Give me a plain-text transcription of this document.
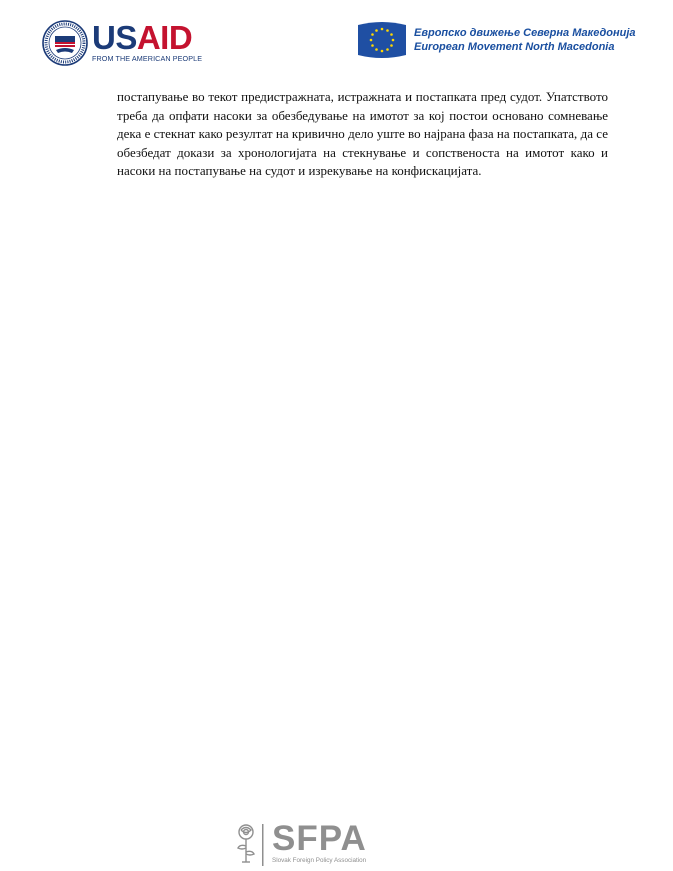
USAID
FROM THE AMERICAN PEOPLE
Европско движење Северна Македонија
European Movement North Macedonia

постапување во текот предистражната, истражната и постапката пред судот. Упатството треба да опфати насоки за обезбедување на имотот за кој постои основано сомневање дека е стекнат како резултат на кривично дело уште во најрана фаза на постапката, да се обезбедат докази за хронологијата на стекнување и сопственоста на имотот како и насоки на постапување на судот и изрекување на конфискацијата.

SFPA
Slovak Foreign Policy Association
